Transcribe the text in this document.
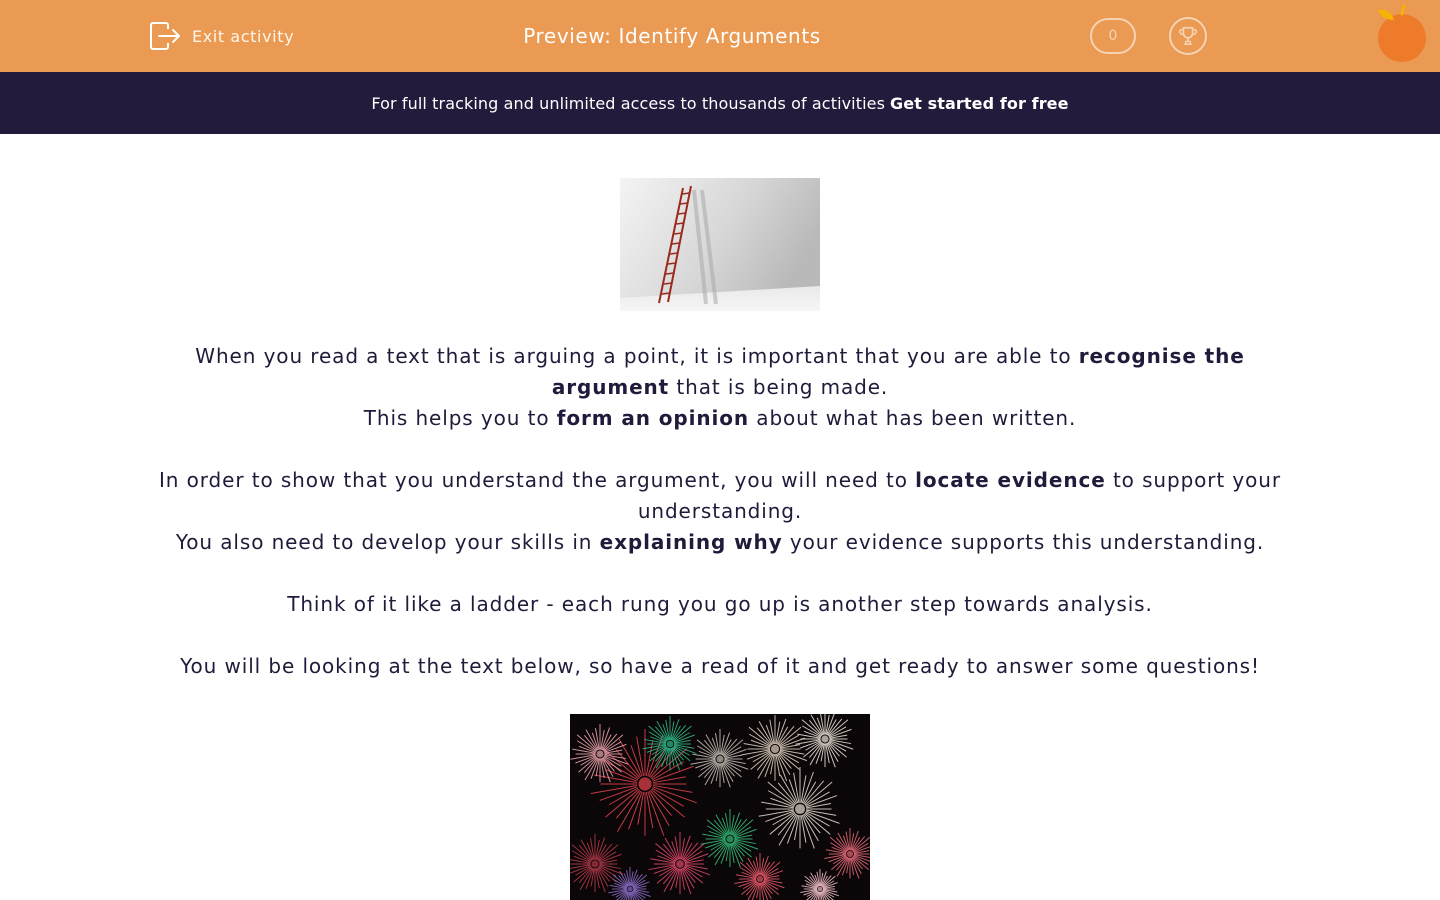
Exit activity	Preview: Identify Arguments	0
For full tracking and unlimited access to thousands of activities Get started for free

When you read a text that is arguing a point, it is important that you are able to recognise the argument that is being made.

This helps you to form an opinion about what has been written.

In order to show that you understand the argument, you will need to locate evidence to support your understanding.

You also need to develop your skills in explaining why your evidence supports this understanding.

Think of it like a ladder - each rung you go up is another step towards analysis.

You will be looking at the text below, so have a read of it and get ready to answer some questions!
